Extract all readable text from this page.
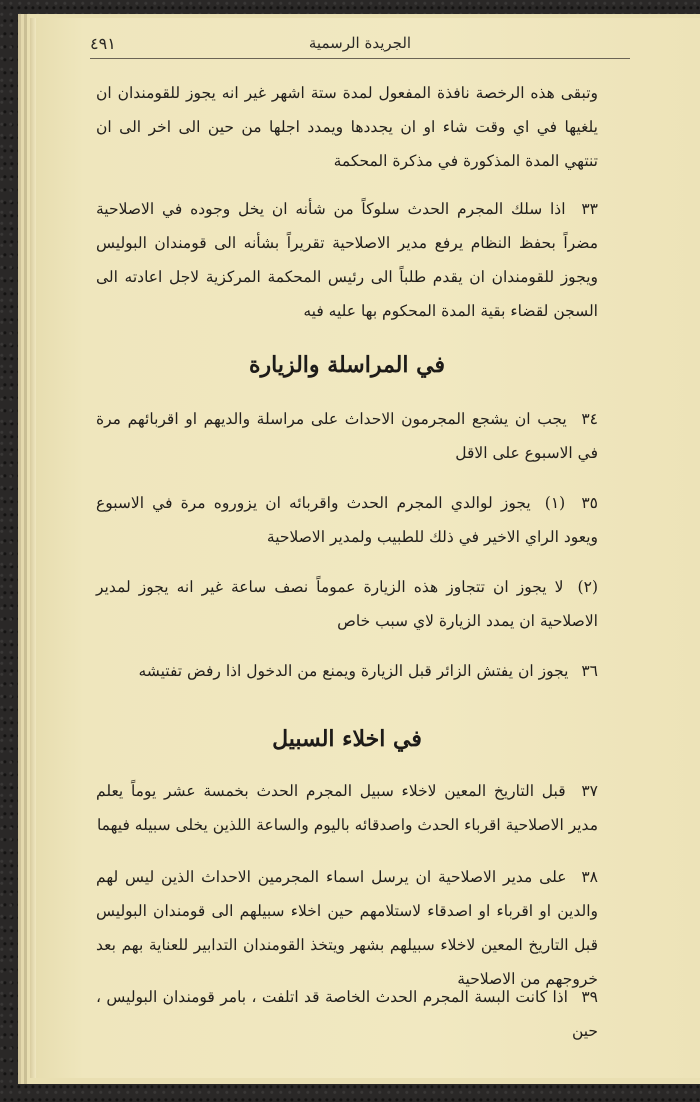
٤٩١	الجريدة الرسمية
وتبقى هذه الرخصة نافذة المفعول لمدة ستة اشهر غير انه يجوز للقومندان ان يلغيها في اي وقت شاء او ان يجددها ويمدد اجلها من حين الى اخر الى ان تنتهي المدة المذكورة في مذكرة المحكمة
٣٣ اذا سلك المجرم الحدث سلوكاً من شأنه ان يخل وجوده في الاصلاحية مضراً بحفظ النظام يرفع مدير الاصلاحية تقريراً بشأنه الى قومندان البوليس ويجوز للقومندان ان يقدم طلباً الى رئيس المحكمة المركزية لاجل اعادته الى السجن لقضاء بقية المدة المحكوم بها عليه فيه
في المراسلة والزيارة
٣٤ يجب ان يشجع المجرمون الاحداث على مراسلة والديهم او اقربائهم مرة في الاسبوع على الاقل
٣٥ (١) يجوز لوالدي المجرم الحدث واقربائه ان يزوروه مرة في الاسبوع ويعود الراي الاخير في ذلك للطبيب ولمدير الاصلاحية
(٢) لا يجوز ان تتجاوز هذه الزيارة عموماً نصف ساعة غير انه يجوز لمدير الاصلاحية ان يمدد الزيارة لاي سبب خاص
٣٦ يجوز ان يفتش الزائر قبل الزيارة ويمنع من الدخول اذا رفض تفتيشه
في اخلاء السبيل
٣٧ قبل التاريخ المعين لاخلاء سبيل المجرم الحدث بخمسة عشر يوماً يعلم مدير الاصلاحية اقرباء الحدث واصدقائه باليوم والساعة اللذين يخلى سبيله فيهما
٣٨ على مدير الاصلاحية ان يرسل اسماء المجرمين الاحداث الذين ليس لهم والدين او اقرباء او اصدقاء لاستلامهم حين اخلاء سبيلهم الى قومندان البوليس قبل التاريخ المعين لاخلاء سبيلهم بشهر ويتخذ القومندان التدابير للعناية بهم بعد خروجهم من الاصلاحية
٣٩ اذا كانت البسة المجرم الحدث الخاصة قد اتلفت ، بامر قومندان البوليس ، حين
